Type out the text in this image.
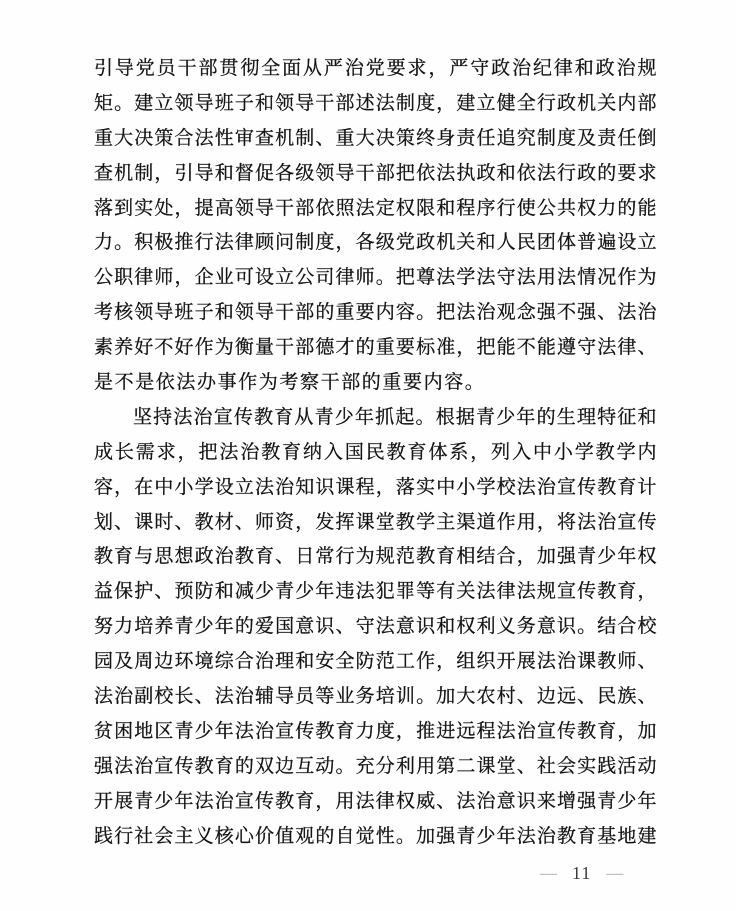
引导党员干部贯彻全面从严治党要求，严守政治纪律和政治规
矩。建立领导班子和领导干部述法制度，建立健全行政机关内部
重大决策合法性审查机制、重大决策终身责任追究制度及责任倒
查机制，引导和督促各级领导干部把依法执政和依法行政的要求
落到实处，提高领导干部依照法定权限和程序行使公共权力的能
力。积极推行法律顾问制度，各级党政机关和人民团体普遍设立
公职律师，企业可设立公司律师。把尊法学法守法用法情况作为
考核领导班子和领导干部的重要内容。把法治观念强不强、法治
素养好不好作为衡量干部德才的重要标准，把能不能遵守法律、
是不是依法办事作为考察干部的重要内容。
坚持法治宣传教育从青少年抓起。根据青少年的生理特征和
成长需求，把法治教育纳入国民教育体系，列入中小学教学内
容，在中小学设立法治知识课程，落实中小学校法治宣传教育计
划、课时、教材、师资，发挥课堂教学主渠道作用，将法治宣传
教育与思想政治教育、日常行为规范教育相结合，加强青少年权
益保护、预防和减少青少年违法犯罪等有关法律法规宣传教育，
努力培养青少年的爱国意识、守法意识和权利义务意识。结合校
园及周边环境综合治理和安全防范工作，组织开展法治课教师、
法治副校长、法治辅导员等业务培训。加大农村、边远、民族、
贫困地区青少年法治宣传教育力度，推进远程法治宣传教育，加
强法治宣传教育的双边互动。充分利用第二课堂、社会实践活动
开展青少年法治宣传教育，用法律权威、法治意识来增强青少年
践行社会主义核心价值观的自觉性。加强青少年法治教育基地建
— 11 —
